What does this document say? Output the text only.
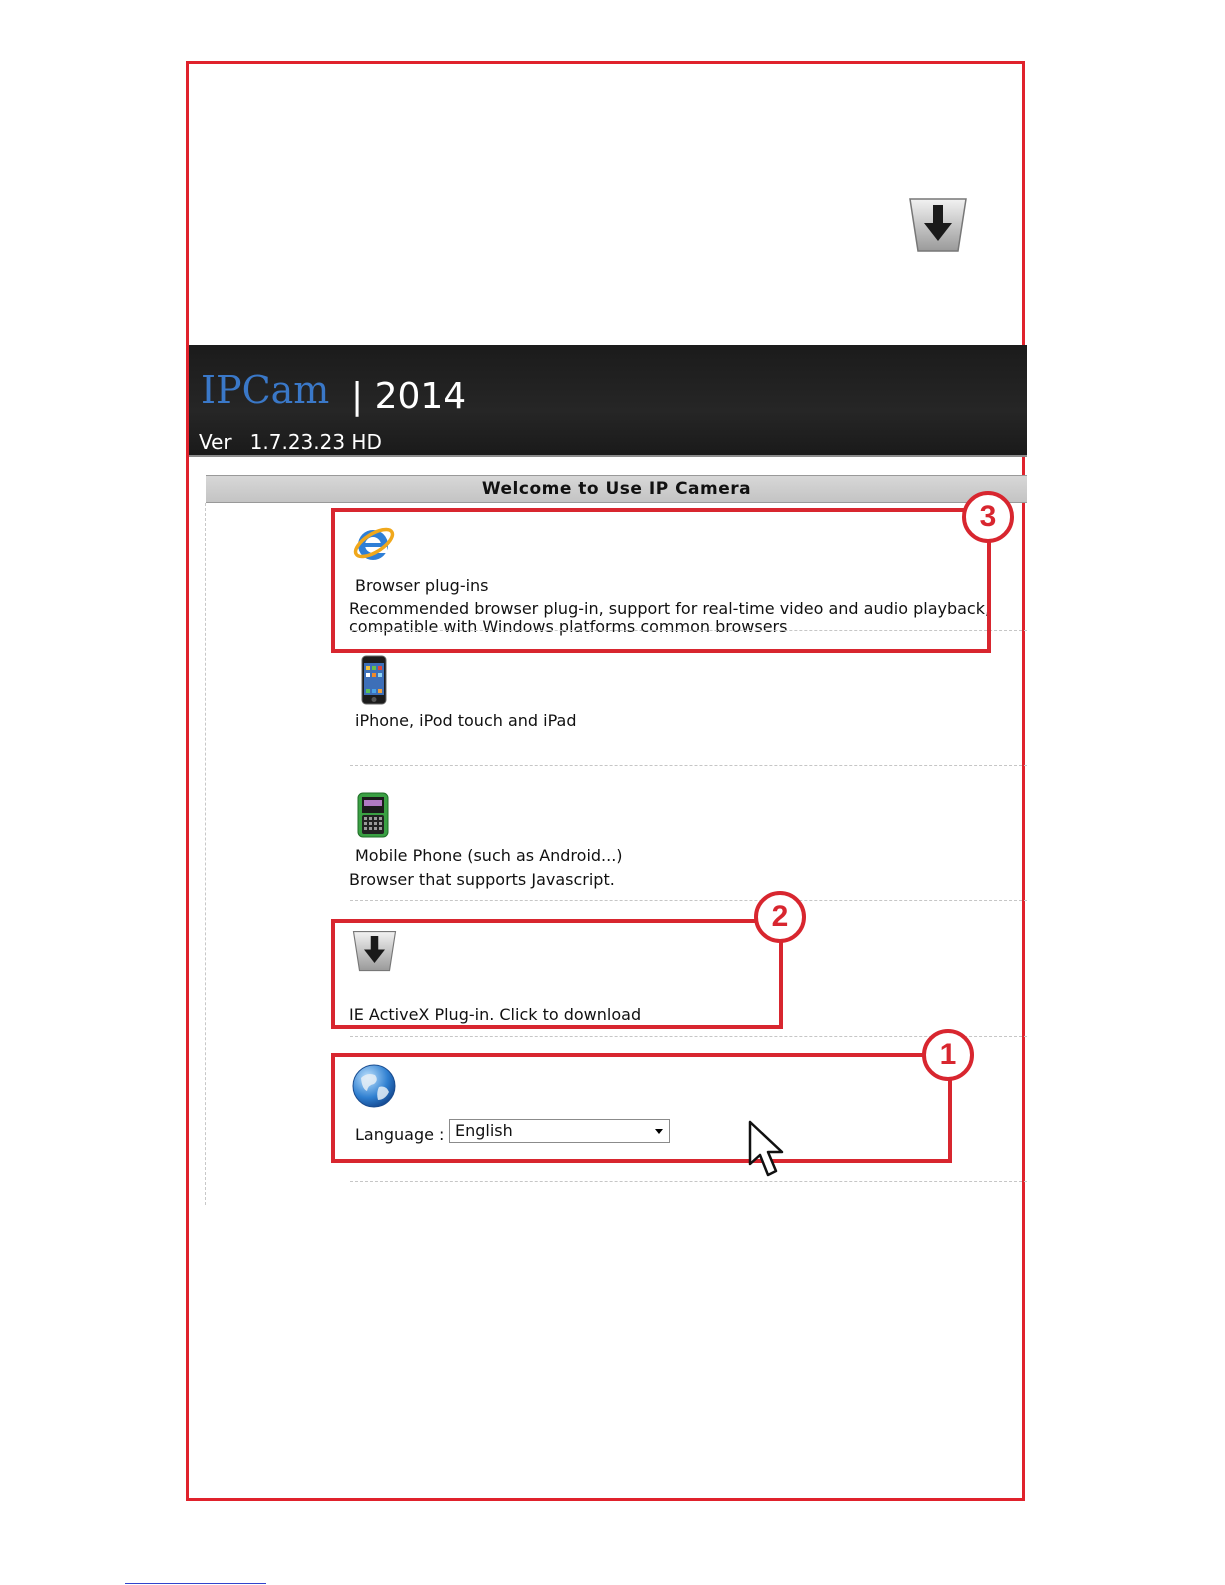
IPCam | 2014
Ver 1.7.23.23 HD
Welcome to Use IP Camera
Browser plug-ins
Recommended browser plug-in, support for real-time video and audio playback,
compatible with Windows platforms common browsers
iPhone, iPod touch and iPad
Mobile Phone (such as Android...)
Browser that supports Javascript.
IE ActiveX Plug-in. Click to download
Language : English
3
2
1
